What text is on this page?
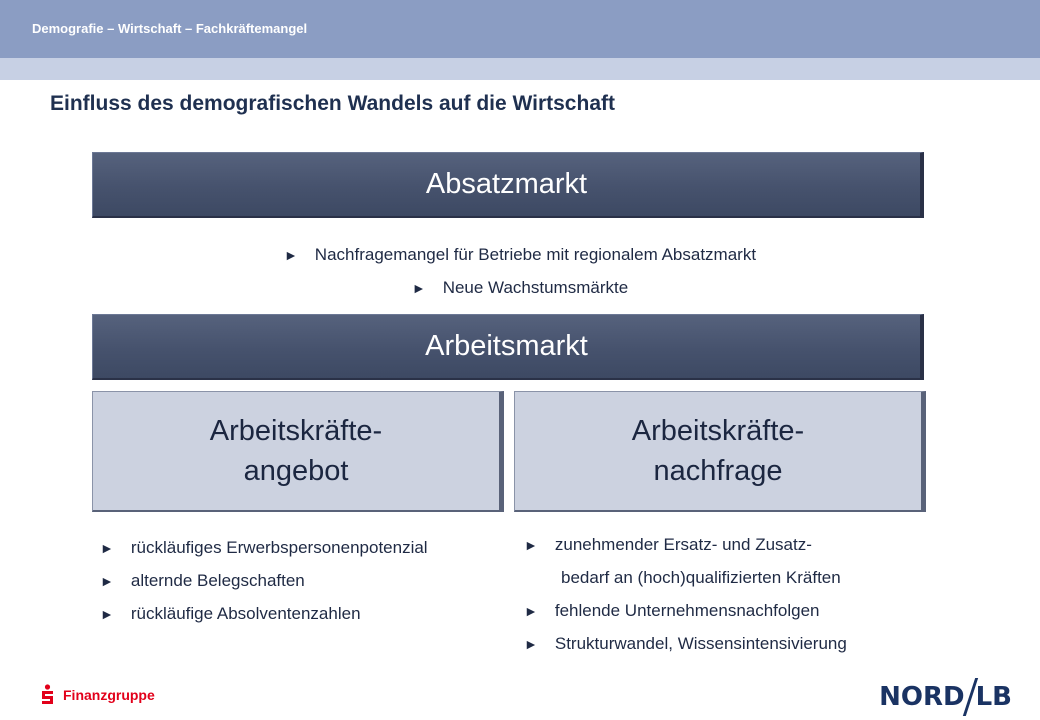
Demografie – Wirtschaft – Fachkräftemangel
Einfluss des demografischen Wandels auf die Wirtschaft
Absatzmarkt
► Nachfragemangel für Betriebe mit regionalem Absatzmarkt
► Neue Wachstumsmärkte
Arbeitsmarkt
Arbeitskräfte-
angebot
Arbeitskräfte-
nachfrage
► rückläufiges Erwerbspersonenpotenzial
► alternde Belegschaften
► rückläufige Absolventenzahlen
► zunehmender Ersatz- und Zusatz-
bedarf an (hoch)qualifizierten Kräften
► fehlende Unternehmensnachfolgen
► Strukturwandel, Wissensintensivierung
Finanzgruppe	NORD LB
